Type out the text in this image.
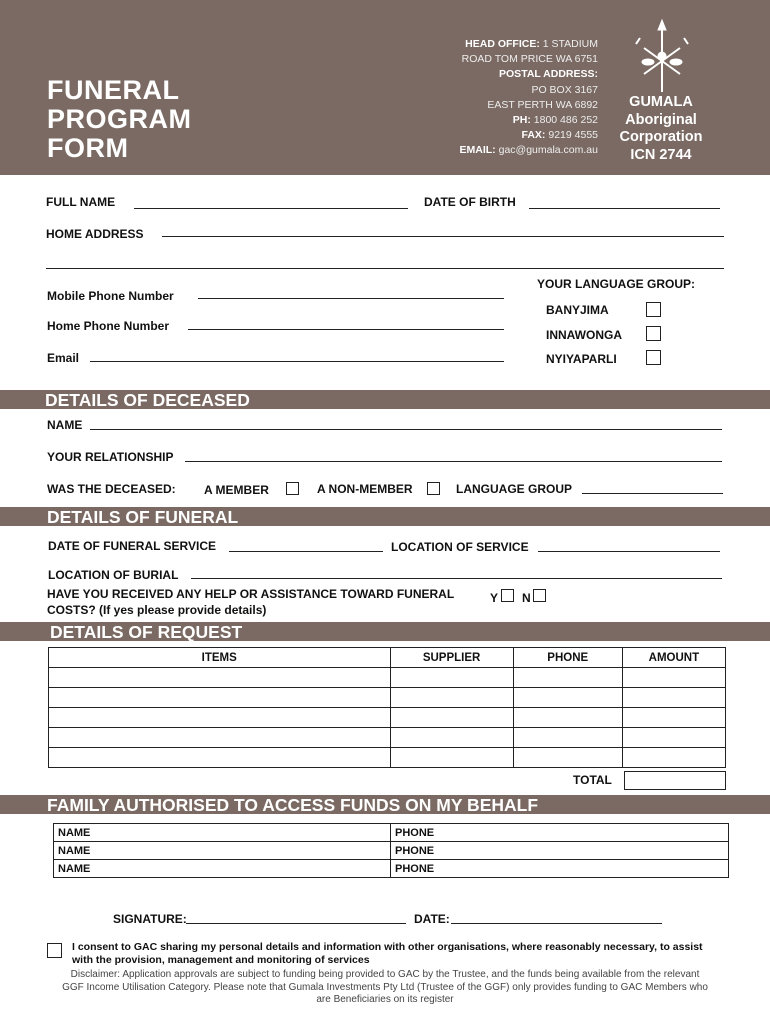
FUNERAL
PROGRAM
FORM
HEAD OFFICE: 1 STADIUM
ROAD TOM PRICE WA 6751
POSTAL ADDRESS:
PO BOX 3167
EAST PERTH WA 6892
PH: 1800 486 252
FAX: 9219 4555
EMAIL: gac@gumala.com.au
GUMALA
Aboriginal
Corporation
ICN 2744
FULL NAME	DATE OF BIRTH
HOME ADDRESS
YOUR LANGUAGE GROUP:
Mobile Phone Number
BANYJIMA
Home Phone Number
INNAWONGA
Email	NYIYAPARLI
DETAILS OF DECEASED
NAME
YOUR RELATIONSHIP
WAS THE DECEASED: A MEMBER	A NON-MEMBER	LANGUAGE GROUP
DETAILS OF FUNERAL
DATE OF FUNERAL SERVICE	LOCATION OF SERVICE
LOCATION OF BURIAL
HAVE YOU RECEIVED ANY HELP OR ASSISTANCE TOWARD FUNERAL
COSTS? (If yes please provide details)
Y N
DETAILS OF REQUEST
ITEMS	SUPPLIER	PHONE	AMOUNT

TOTAL
FAMILY AUTHORISED TO ACCESS FUNDS ON MY BEHALF
NAME	PHONE
NAME	PHONE
NAME	PHONE
SIGNATURE:	DATE:
I consent to GAC sharing my personal details and information with other organisations, where reasonably necessary, to assist
with the provision, management and monitoring of services
Disclaimer: Application approvals are subject to funding being provided to GAC by the Trustee, and the funds being available from the relevant
GGF Income Utilisation Category. Please note that Gumala Investments Pty Ltd (Trustee of the GGF) only provides funding to GAC Members who
are Beneficiaries on its register
